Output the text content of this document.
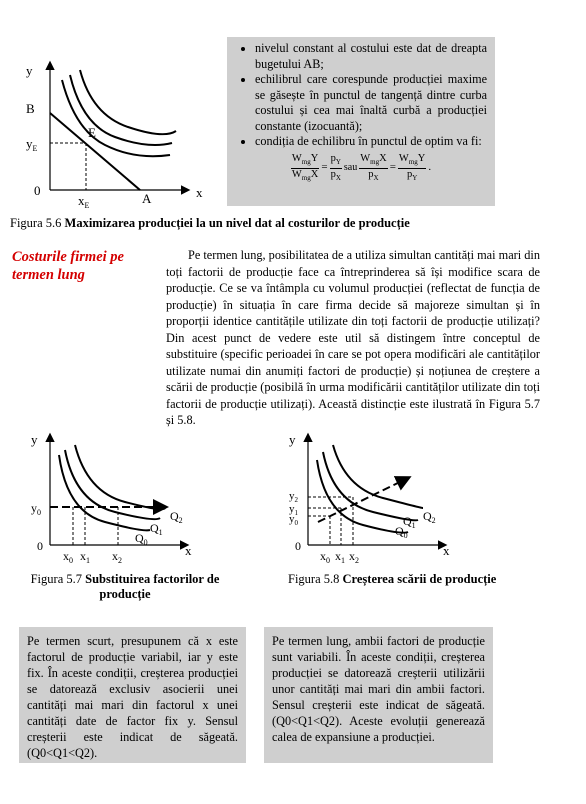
y
x
B
E
$y_E$
0
$x_E$	A
• nivelul constant al costului este dat de dreapta bugetului AB;
• echilibrul care corespunde producției maxime se găsește în punctul de tangență dintre curba costului și cea mai înaltă curbă a producției constante (izocuantă);
• condiția de echilibru în punctul de optim va fi:
$\frac{W_{mg}Y}{W_{mg}X} = \frac{p_Y}{p_X}$ sau $\frac{W_{mg}X}{p_X} = \frac{W_{mg}Y}{p_Y}$ .
Figura 5.6 Maximizarea producției la un nivel dat al costurilor de producție
Costurile firmei pe termen lung
Pe termen lung, posibilitatea de a utiliza simultan cantități mai mari din toți factorii de producție face ca întreprinderea să își modifice scara de producție. Ce se va întâmpla cu volumul producției (reflectat de funcția de producție) în situația în care firma decide să majoreze simultan și în proporții identice cantitățile utilizate din toți factorii de producție utilizați? Din acest punct de vedere este util să distingem între conceptul de substituire (specific perioadei în care se pot opera modificări ale cantităților utilizate numai din anumiți factori de producție) și noțiunea de creștere a scării de producție (posibilă în urma modificării cantităților utilizate din toți factorii de producție utilizați). Această distincție este ilustrată în Figura 5.7 și 5.8.
y
x
0
$y_0$
$x_0$ $x_1$ $x_2$
$Q_0$
$Q_1$
$Q_2$
y
x
0
$y_2$
$y_1$
$y_0$
$x_0$ $x_1$ $x_2$
$Q_0$
$Q_1$
$Q_2$
Figura 5.7 Substituirea factorilor de producție
Figura 5.8 Creșterea scării de producție
Pe termen scurt, presupunem că x este factorul de producție variabil, iar y este fix. În aceste condiții, creșterea producției se datorează exclusiv asocierii unei cantități mai mari din factorul x unei cantități date de factor fix y. Sensul creșterii este indicat de săgeată. (Q0<Q1<Q2).
Pe termen lung, ambii factori de producție sunt variabili. În aceste condiții, creșterea producției se datorează creșterii utilizării unor cantități mai mari din ambii factori. Sensul creșterii este indicat de săgeată. (Q0<Q1<Q2). Aceste evoluții generează calea de expansiune a producției.
